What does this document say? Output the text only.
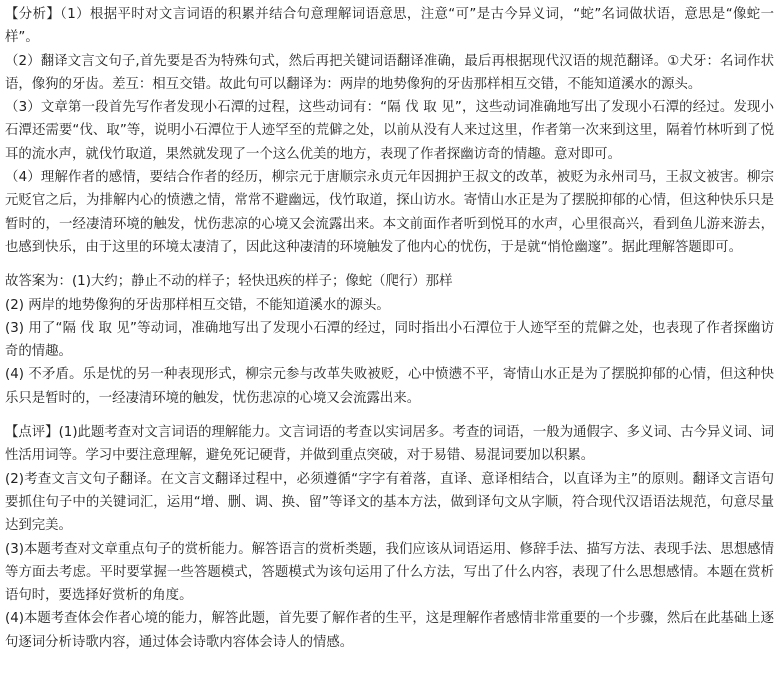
【分析】（1）根据平时对文言词语的积累并结合句意理解词语意思，注意“可”是古今异义词，“蛇”名词做状语，意思是“像蛇一样”。

（2）翻译文言文句子,首先要是否为特殊句式，然后再把关键词语翻译准确，最后再根据现代汉语的规范翻译。①犬牙：名词作状语，像狗的牙齿。差互：相互交错。故此句可以翻译为：两岸的地势像狗的牙齿那样相互交错，不能知道溪水的源头。

（3）文章第一段首先写作者发现小石潭的过程，这些动词有：“隔 伐 取 见”，这些动词准确地写出了发现小石潭的经过。发现小石潭还需要“伐、取”等，说明小石潭位于人迹罕至的荒僻之处，以前从没有人来过这里，作者第一次来到这里，隔着竹林听到了悦耳的流水声，就伐竹取道，果然就发现了一个这么优美的地方，表现了作者探幽访奇的情趣。意对即可。

（4）理解作者的感情，要结合作者的经历，柳宗元于唐顺宗永贞元年因拥护王叔文的改革，被贬为永州司马，王叔文被害。柳宗元贬官之后，为排解内心的愤懑之情，常常不避幽远，伐竹取道，探山访水。寄情山水正是为了摆脱抑郁的心情，但这种快乐只是暂时的，一经凄清环境的触发，忧伤悲凉的心境又会流露出来。本文前面作者听到悦耳的水声，心里很高兴，看到鱼儿游来游去，也感到快乐，由于这里的环境太凄清了，因此这种凄清的环境触发了他内心的忧伤，于是就“悄怆幽邃”。据此理解答题即可。

故答案为：(1)大约；静止不动的样子；轻快迅疾的样子；像蛇（爬行）那样

(2) 两岸的地势像狗的牙齿那样相互交错，不能知道溪水的源头。

(3) 用了“隔 伐 取 见”等动词，准确地写出了发现小石潭的经过，同时指出小石潭位于人迹罕至的荒僻之处，也表现了作者探幽访奇的情趣。

(4) 不矛盾。乐是忧的另一种表现形式，柳宗元参与改革失败被贬，心中愤懑不平，寄情山水正是为了摆脱抑郁的心情，但这种快乐只是暂时的，一经凄清环境的触发，忧伤悲凉的心境又会流露出来。

【点评】(1)此题考查对文言词语的理解能力。文言词语的考查以实词居多。考查的词语，一般为通假字、多义词、古今异义词、词性活用词等。学习中要注意理解，避免死记硬背，并做到重点突破，对于易错、易混词要加以积累。

(2)考查文言文句子翻译。在文言文翻译过程中，必须遵循“字字有着落，直译、意译相结合，以直译为主”的原则。翻译文言语句要抓住句子中的关键词汇，运用“增、删、调、换、留”等译文的基本方法，做到译句文从字顺，符合现代汉语语法规范，句意尽量达到完美。

(3)本题考查对文章重点句子的赏析能力。解答语言的赏析类题，我们应该从词语运用、修辞手法、描写方法、表现手法、思想感情等方面去考虑。平时要掌握一些答题模式，答题模式为该句运用了什么方法，写出了什么内容，表现了什么思想感情。本题在赏析语句时，要选择好赏析的角度。

(4)本题考查体会作者心境的能力，解答此题，首先要了解作者的生平，这是理解作者感情非常重要的一个步骤，然后在此基础上逐句逐词分析诗歌内容，通过体会诗歌内容体会诗人的情感。
